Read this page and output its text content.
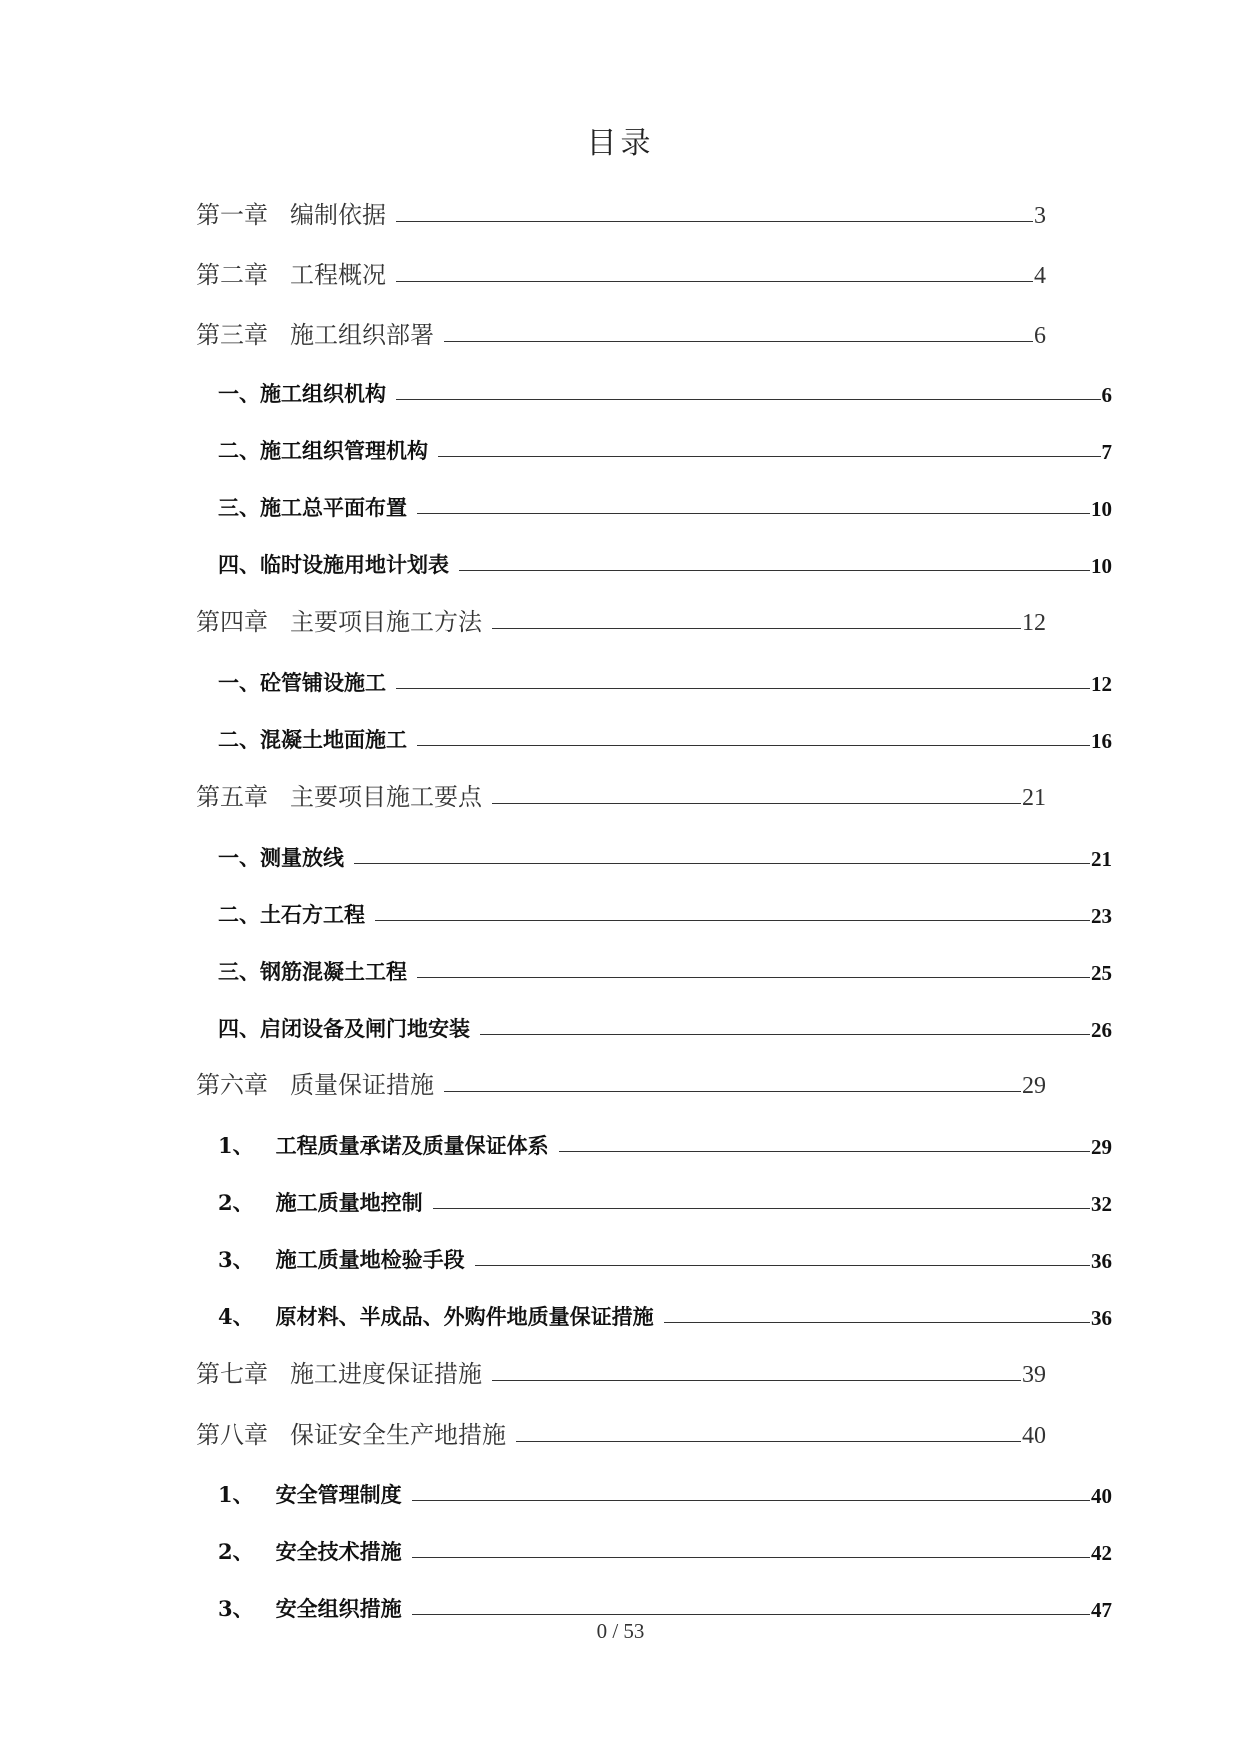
目录
第一章 编制依据	3
第二章 工程概况	4
第三章 施工组织部署	6
一、施工组织机构	6
二、施工组织管理机构	7
三、施工总平面布置	10
四、临时设施用地计划表	10
第四章 主要项目施工方法	12
一、砼管铺设施工	12
二、混凝土地面施工	16
第五章 主要项目施工要点	21
一、测量放线	21
二、土石方工程	23
三、钢筋混凝土工程	25
四、启闭设备及闸门地安装	26
第六章 质量保证措施	29
1、 工程质量承诺及质量保证体系	29
2、 施工质量地控制	32
3、 施工质量地检验手段	36
4、 原材料、半成品、外购件地质量保证措施	36
第七章 施工进度保证措施	39
第八章 保证安全生产地措施	40
1、 安全管理制度	40
2、 安全技术措施	42
3、 安全组织措施	47
0 / 53
